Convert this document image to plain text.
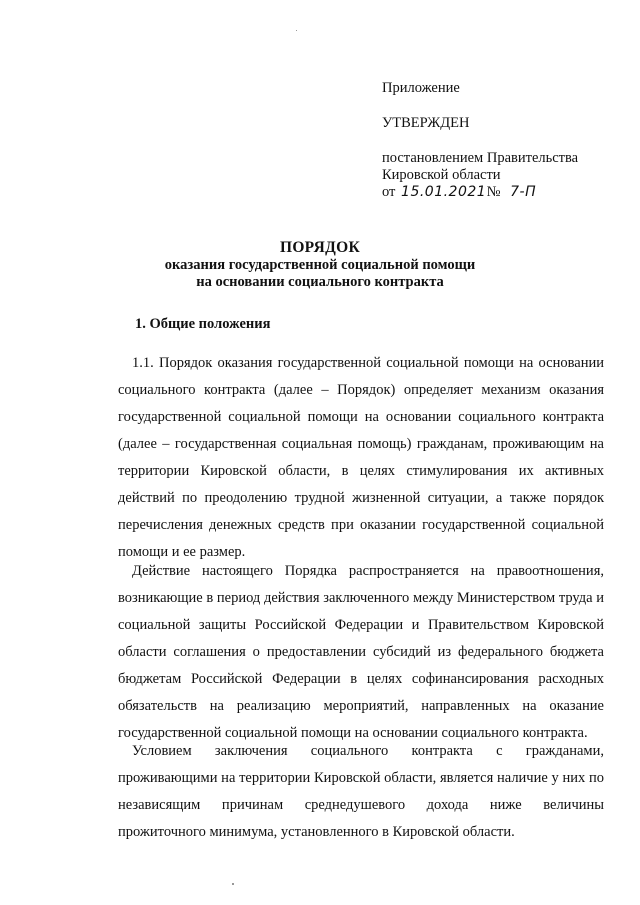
Приложение

УТВЕРЖДЕН

постановлением Правительства
Кировской области
от 15.01.2021 № 7-П
ПОРЯДОК
оказания государственной социальной помощи
на основании социального контракта
1. Общие положения
1.1. Порядок оказания государственной социальной помощи на основании социального контракта (далее – Порядок) определяет механизм оказания государственной социальной помощи на основании социального контракта (далее – государственная социальная помощь) гражданам, проживающим на территории Кировской области, в целях стимулирования их активных действий по преодолению трудной жизненной ситуации, а также порядок перечисления денежных средств при оказании государственной социальной помощи и ее размер.
Действие настоящего Порядка распространяется на правоотношения, возникающие в период действия заключенного между Министерством труда и социальной защиты Российской Федерации и Правительством Кировской области соглашения о предоставлении субсидий из федерального бюджета бюджетам Российской Федерации в целях софинансирования расходных обязательств на реализацию мероприятий, направленных на оказание государственной социальной помощи на основании социального контракта.
Условием заключения социального контракта с гражданами, проживающими на территории Кировской области, является наличие у них по независящим причинам среднедушевого дохода ниже величины прожиточного минимума, установленного в Кировской области.
